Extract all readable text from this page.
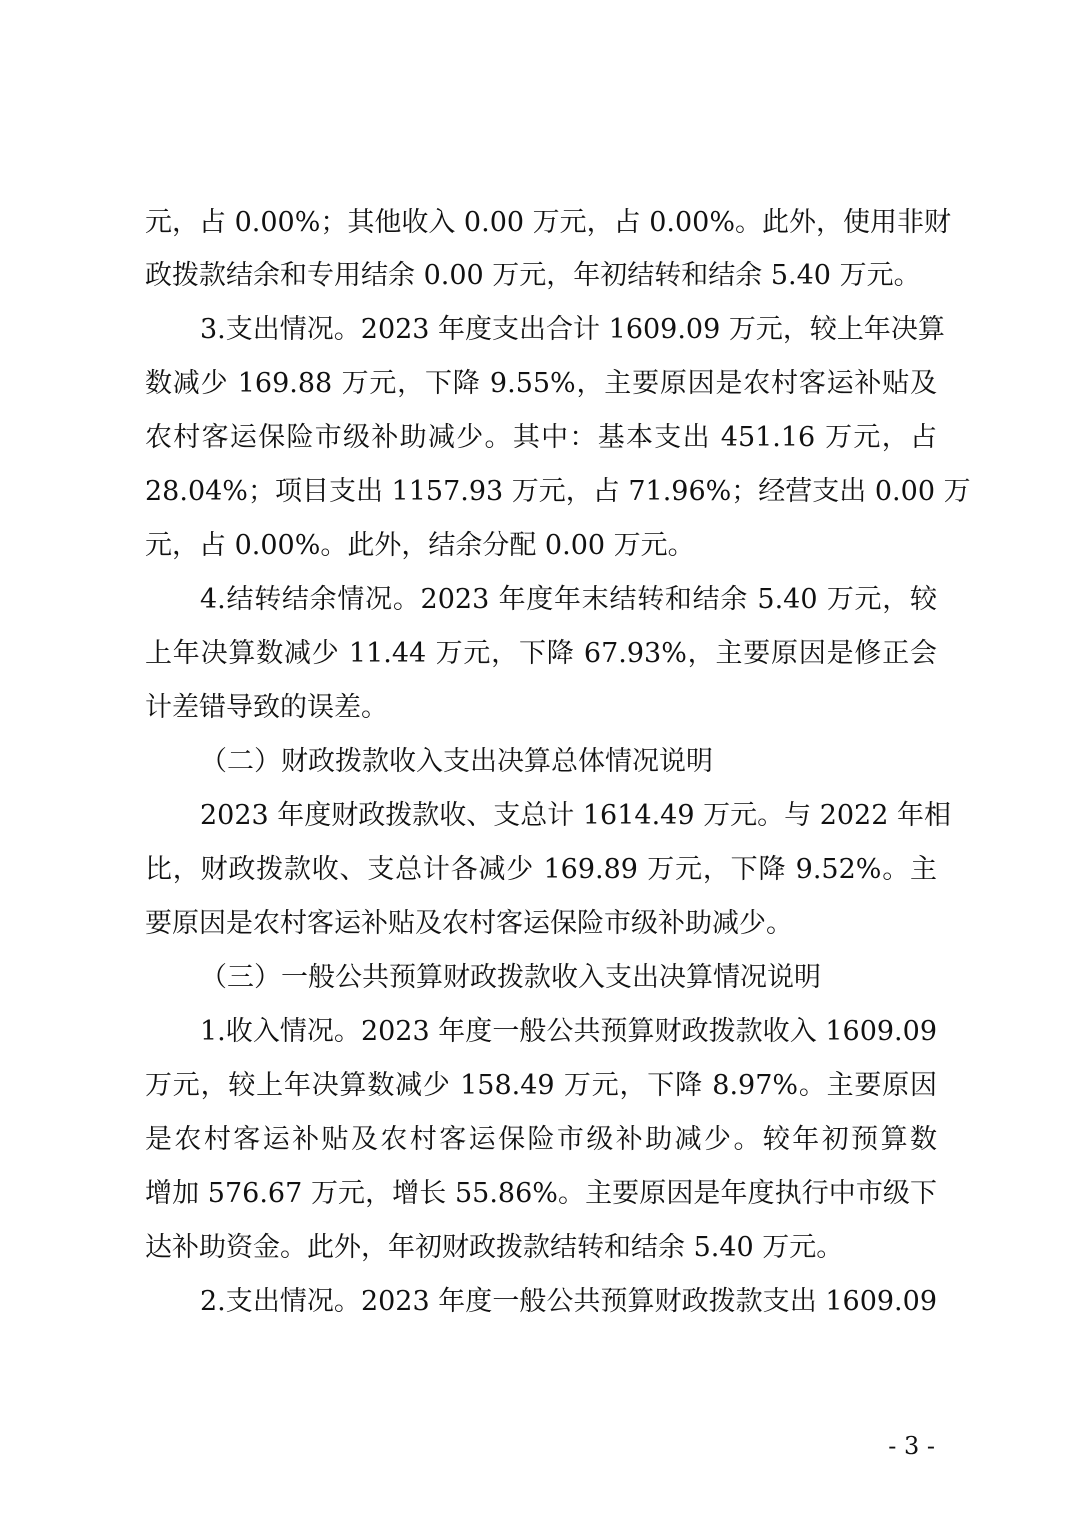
元，占 0.00%；其他收入 0.00 万元，占 0.00%。此外，使用非财
政拨款结余和专用结余 0.00 万元，年初结转和结余 5.40 万元。
3.支出情况。2023 年度支出合计 1609.09 万元，较上年决算
数减少 169.88 万元，下降 9.55%，主要原因是农村客运补贴及
农村客运保险市级补助减少。其中：基本支出 451.16 万元，占
28.04%；项目支出 1157.93 万元，占 71.96%；经营支出 0.00 万
元，占 0.00%。此外，结余分配 0.00 万元。
4.结转结余情况。2023 年度年末结转和结余 5.40 万元，较
上年决算数减少 11.44 万元，下降 67.93%，主要原因是修正会
计差错导致的误差。
（二）财政拨款收入支出决算总体情况说明
2023 年度财政拨款收、支总计 1614.49 万元。与 2022 年相
比，财政拨款收、支总计各减少 169.89 万元，下降 9.52%。主
要原因是农村客运补贴及农村客运保险市级补助减少。
（三）一般公共预算财政拨款收入支出决算情况说明
1.收入情况。2023 年度一般公共预算财政拨款收入 1609.09
万元，较上年决算数减少 158.49 万元，下降 8.97%。主要原因
是农村客运补贴及农村客运保险市级补助减少。较年初预算数
增加 576.67 万元，增长 55.86%。主要原因是年度执行中市级下
达补助资金。此外，年初财政拨款结转和结余 5.40 万元。
2.支出情况。2023 年度一般公共预算财政拨款支出 1609.09
- 3 -
